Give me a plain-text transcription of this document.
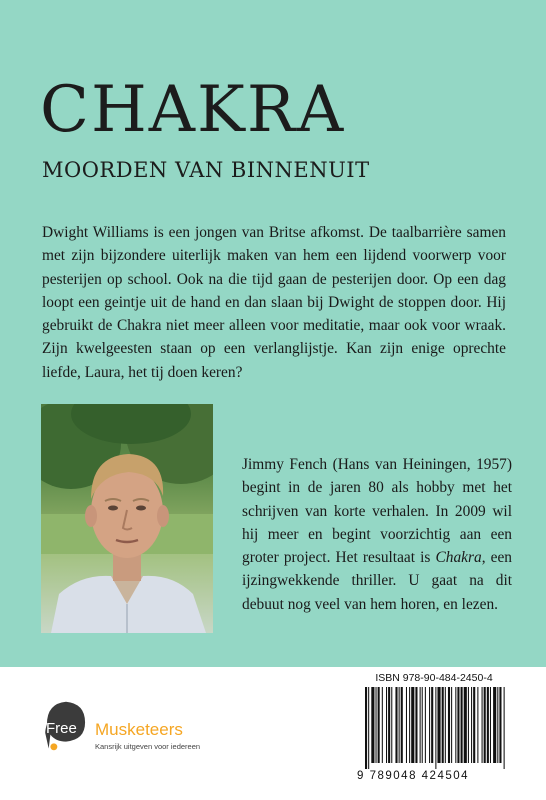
CHAKRA
MOORDEN VAN BINNENUIT

Dwight Williams is een jongen van Britse afkomst. De taalbarrière samen met zijn bijzondere uiterlijk maken van hem een lijdend voorwerp voor pesterijen op school. Ook na die tijd gaan de pesterijen door. Op een dag loopt een geintje uit de hand en dan slaan bij Dwight de stoppen door. Hij gebruikt de Chakra niet meer alleen voor meditatie, maar ook voor wraak. Zijn kwelgeesten staan op een verlanglijstje. Kan zijn enige oprechte liefde, Laura, het tij doen keren?

Jimmy Fench (Hans van Heiningen, 1957) begint in de jaren 80 als hobby met het schrijven van korte verhalen. In 2009 wil hij meer en begint voorzichtig aan een groter project. Het resultaat is Chakra, een ijzingwekkende thriller. U gaat na dit debuut nog veel van hem horen, en lezen.

Free Musketeers
Kansrijk uitgeven voor iedereen
ISBN 978-90-484-2450-4
9 789048 424504
